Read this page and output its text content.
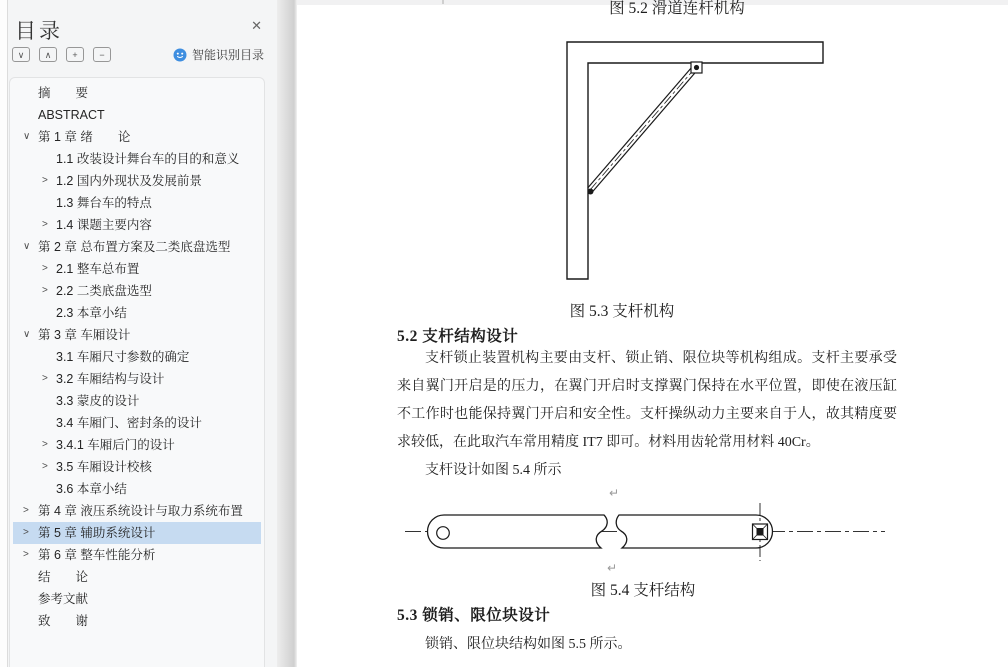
目录	✕
∨	∧	+	−	智能识别目录
摘　　要
ABSTRACT
∨ 第 1 章 绪　　论
1.1 改装设计舞台车的目的和意义
> 1.2 国内外现状及发展前景
1.3 舞台车的特点
> 1.4 课题主要内容
∨ 第 2 章 总布置方案及二类底盘选型
> 2.1 整车总布置
> 2.2 二类底盘选型
2.3 本章小结
∨ 第 3 章 车厢设计
3.1 车厢尺寸参数的确定
> 3.2 车厢结构与设计
3.3 蒙皮的设计
3.4 车厢门、密封条的设计
> 3.4.1 车厢后门的设计
> 3.5 车厢设计校核
3.6 本章小结
> 第 4 章 液压系统设计与取力系统布置
> 第 5 章 辅助系统设计
> 第 6 章 整车性能分析
结　　论
参考文献
致　　谢
图 5.2 滑道连杆机构
图 5.3 支杆机构
5.2 支杆结构设计

支杆锁止装置机构主要由支杆、锁止销、限位块等机构组成。支杆主要承受来自翼门开启是的压力，在翼门开启时支撑翼门保持在水平位置，即使在液压缸不工作时也能保持翼门开启和安全性。支杆操纵动力主要来自于人，故其精度要求较低，在此取汽车常用精度 IT7 即可。材料用齿轮常用材料 40Cr。

支杆设计如图 5.4 所示

↵
↵
图 5.4 支杆结构
5.3 锁销、限位块设计

锁销、限位块结构如图 5.5 所示。
